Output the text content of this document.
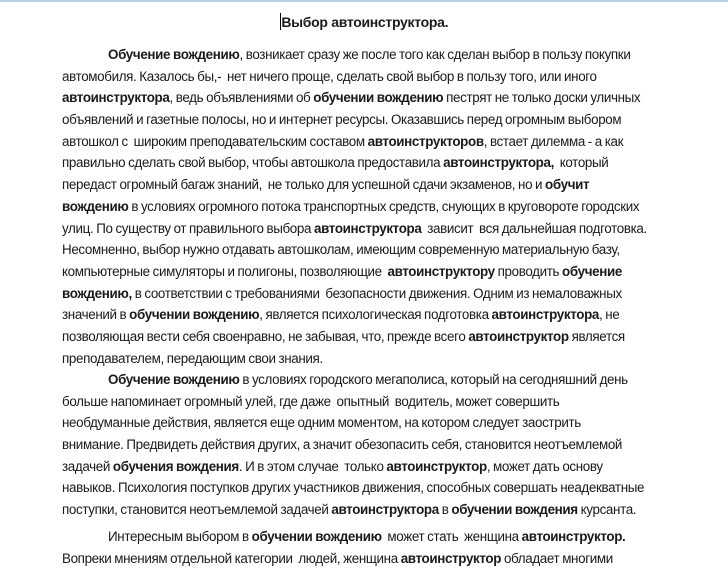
Выбор автоинструктора.
Обучение вождению, возникает сразу же после того как сделан выбор в пользу покупки
автомобиля. Казалось бы,-  нет ничего проще, сделать свой выбор в пользу того, или иного
автоинструктора, ведь объявлениями об обучении вождению пестрят не только доски уличных
объявлений и газетные полосы, но и интернет ресурсы. Оказавшись перед огромным выбором
автошкол с  широким преподавательским составом автоинструкторов, встает дилемма - а как
правильно сделать свой выбор, чтобы автошкола предоставила автоинструктора,  который
передаст огромный багаж знаний,  не только для успешной сдачи экзаменов, но и обучит
вождению в условиях огромного потока транспортных средств, снующих в круговороте городских
улиц. По существу от правильного выбора автоинструктора  зависит  вся дальнейшая подготовка.
Несомненно, выбор нужно отдавать автошколам, имеющим современную материальную базу,
компьютерные симуляторы и полигоны, позволяющие  автоинструктору проводить обучение
вождению, в соответствии с требованиями  безопасности движения. Одним из немаловажных
значений в обучении вождению, является психологическая подготовка автоинструктора, не
позволяющая вести себя своенравно, не забывая, что, прежде всего автоинструктор является
преподавателем, передающим свои знания.
Обучение вождению в условиях городского мегаполиса, который на сегодняшний день
больше напоминает огромный улей, где даже  опытный  водитель, может совершить
необдуманные действия, является еще одним моментом, на котором следует заострить
внимание. Предвидеть действия других, а значит обезопасить себя, становится неотъемлемой
задачей обучения вождения. И в этом случае  только автоинструктор, может дать основу
навыков. Психология поступков других участников движения, способных совершать неадекватные
поступки, становится неотъемлемой задачей автоинструктора в обучении вождения курсанта.
Интересным выбором в обучении вождению  может стать  женщина автоинструктор.
Вопреки мнениям отдельной категории  людей, женщина автоинструктор обладает многими
